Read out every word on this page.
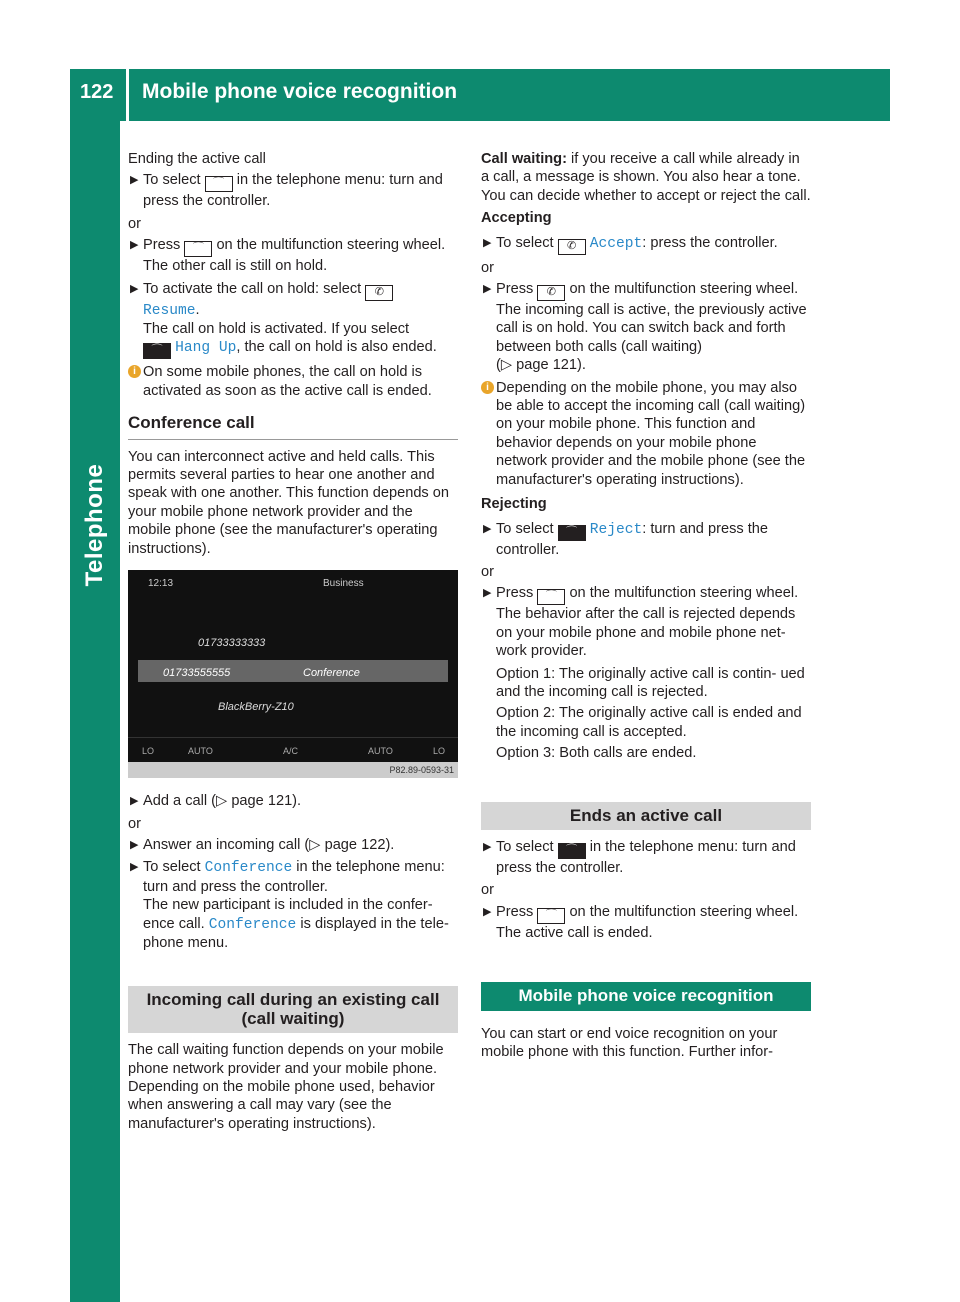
122 Mobile phone voice recognition
Telephone
Ending the active call
▶ To select ⌒ in the telephone menu: turn and press the controller.
or
▶ Press ⌒ on the multifunction steering wheel.
The other call is still on hold.
▶ To activate the call on hold: select ✆
Resume.
The call on hold is activated. If you select
⌒ Hang Up, the call on hold is also ended.
i On some mobile phones, the call on hold is activated as soon as the active call is ended.
Conference call
You can interconnect active and held calls. This permits several parties to hear one another and speak with one another. This function depends on your mobile phone network provider and the mobile phone (see the manufacturer's operating instructions).
12:13	Business
01733333333
01733555555	Conference
BlackBerry-Z10
LO	AUTO	A/C	AUTO	LO
P82.89-0593-31
▶ Add a call (▷ page 121).
or
▶ Answer an incoming call (▷ page 122).
▶ To select Conference in the telephone menu: turn and press the controller.
The new participant is included in the confer- ence call. Conference is displayed in the tele- phone menu.
Incoming call during an existing call (call waiting)
The call waiting function depends on your mobile phone network provider and your mobile phone. Depending on the mobile phone used, behavior when answering a call may vary (see the manufacturer's operating instructions).
Call waiting: if you receive a call while already in a call, a message is shown. You also hear a tone. You can decide whether to accept or reject the call.
Accepting
▶ To select ✆ Accept: press the controller.
or
▶ Press ✆ on the multifunction steering wheel.
The incoming call is active, the previously active call is on hold. You can switch back and forth between both calls (call waiting)
(▷ page 121).
i Depending on the mobile phone, you may also be able to accept the incoming call (call waiting) on your mobile phone. This function and behavior depends on your mobile phone network provider and the mobile phone (see the manufacturer's operating instructions).
Rejecting
▶ To select ⌒ Reject: turn and press the controller.
or
▶ Press ⌒ on the multifunction steering wheel.
The behavior after the call is rejected depends on your mobile phone and mobile phone net- work provider.
Option 1: The originally active call is contin- ued and the incoming call is rejected.
Option 2: The originally active call is ended and the incoming call is accepted.
Option 3: Both calls are ended.
Ends an active call
▶ To select ⌒ in the telephone menu: turn and press the controller.
or
▶ Press ⌒ on the multifunction steering wheel.
The active call is ended.
Mobile phone voice recognition
You can start or end voice recognition on your mobile phone with this function. Further infor-
